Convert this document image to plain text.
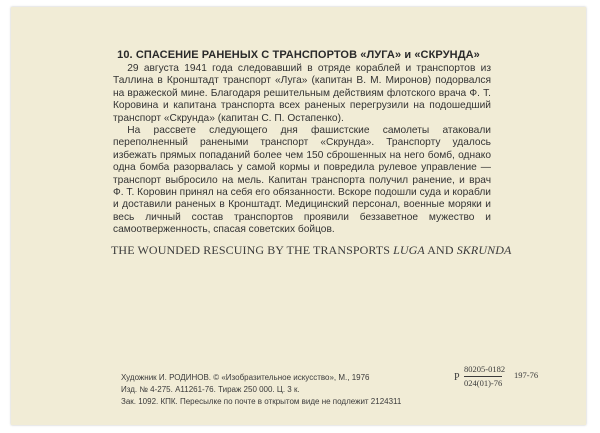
10. СПАСЕНИЕ РАНЕНЫХ С ТРАНСПОРТОВ «ЛУГА» и «СКРУНДА»

29 августа 1941 года следовавший в отряде кораблей и транспортов из Таллина в Кронштадт транспорт «Луга» (капитан В. М. Миронов) подорвался на вражеской мине. Благодаря решительным действиям флотского врача Ф. Т. Коровина и капитана транспорта всех раненых перегрузили на подошедший транспорт «Скрунда» (капитан С. П. Остапенко).

На рассвете следующего дня фашистские самолеты атаковали переполненный ранеными транспорт «Скрунда». Транспорту удалось избежать прямых попаданий более чем 150 сброшенных на него бомб, однако одна бомба разорвалась у самой кормы и повредила рулевое управление — транспорт выбросило на мель. Капитан транспорта получил ранение, и врач Ф. Т. Коровин принял на себя его обязанности. Вскоре подошли суда и корабли и доставили раненых в Кронштадт. Медицинский персонал, военные моряки и весь личный состав транспортов проявили беззаветное мужество и самоотверженность, спасая советских бойцов.

THE WOUNDED RESCUING BY THE TRANSPORTS LUGA AND SKRUNDA
Художник И. РОДИНОВ. © «Изобразительное искусство», М., 1976
Изд. № 4-275. А11261-76. Тираж 250 000. Ц. 3 к.
Зак. 1092. КПК. Пересылке по почте в открытом виде не подлежит 2124311
Р
80205-0182
024(01)-76
197-76
